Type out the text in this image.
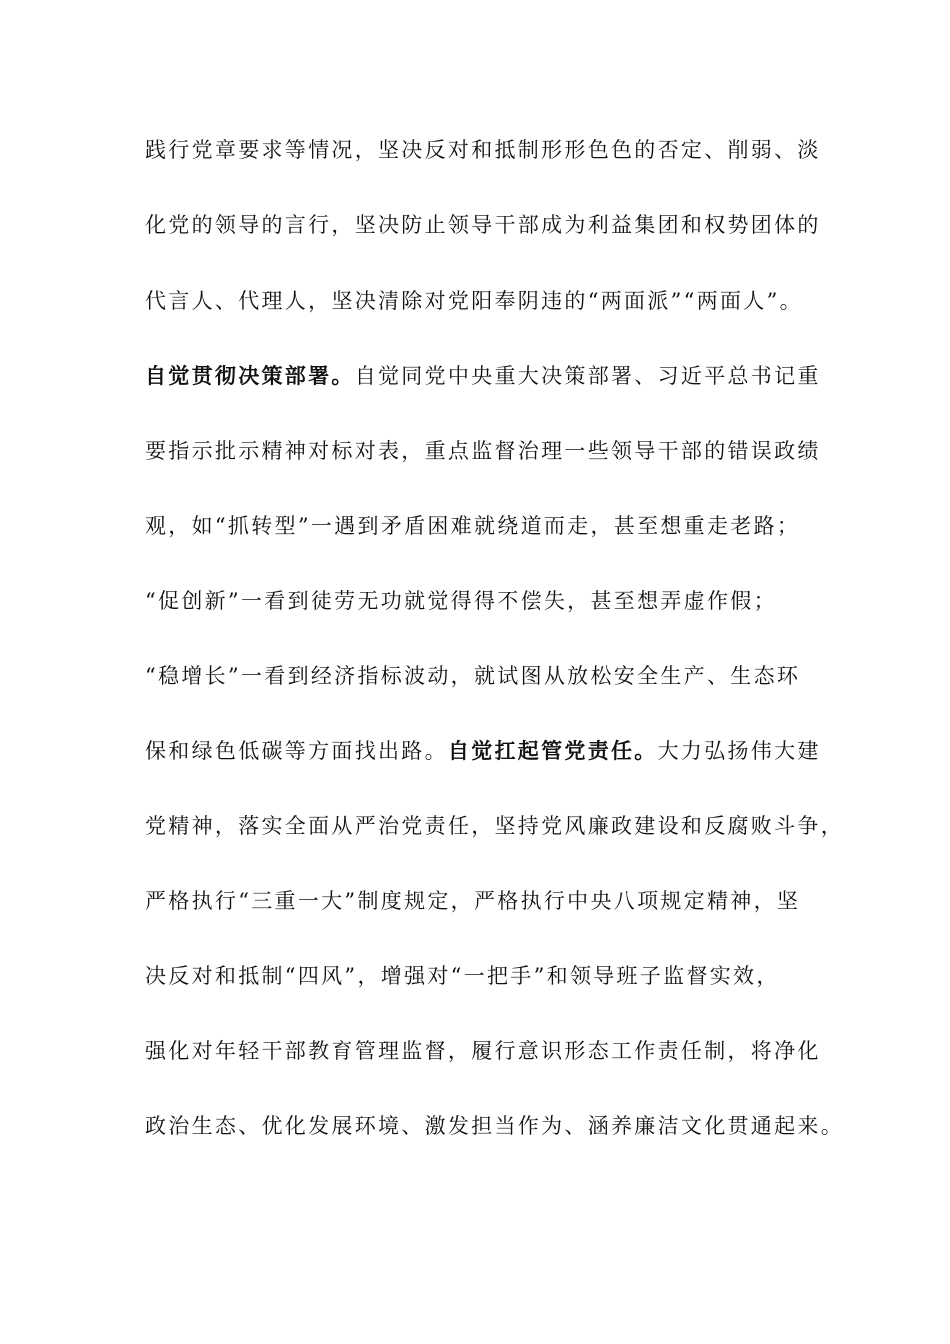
践行党章要求等情况，坚决反对和抵制形形色色的否定、削弱、淡
化党的领导的言行，坚决防止领导干部成为利益集团和权势团体的
代言人、代理人，坚决清除对党阳奉阴违的“两面派”“两面人”。
自觉贯彻决策部署。自觉同党中央重大决策部署、习近平总书记重
要指示批示精神对标对表，重点监督治理一些领导干部的错误政绩
观，如“抓转型”一遇到矛盾困难就绕道而走，甚至想重走老路；
“促创新”一看到徒劳无功就觉得得不偿失，甚至想弄虚作假；
“稳增长”一看到经济指标波动，就试图从放松安全生产、生态环
保和绿色低碳等方面找出路。自觉扛起管党责任。大力弘扬伟大建
党精神，落实全面从严治党责任，坚持党风廉政建设和反腐败斗争，
严格执行“三重一大”制度规定，严格执行中央八项规定精神，坚
决反对和抵制“四风”，增强对“一把手”和领导班子监督实效，
强化对年轻干部教育管理监督，履行意识形态工作责任制，将净化
政治生态、优化发展环境、激发担当作为、涵养廉洁文化贯通起来。
